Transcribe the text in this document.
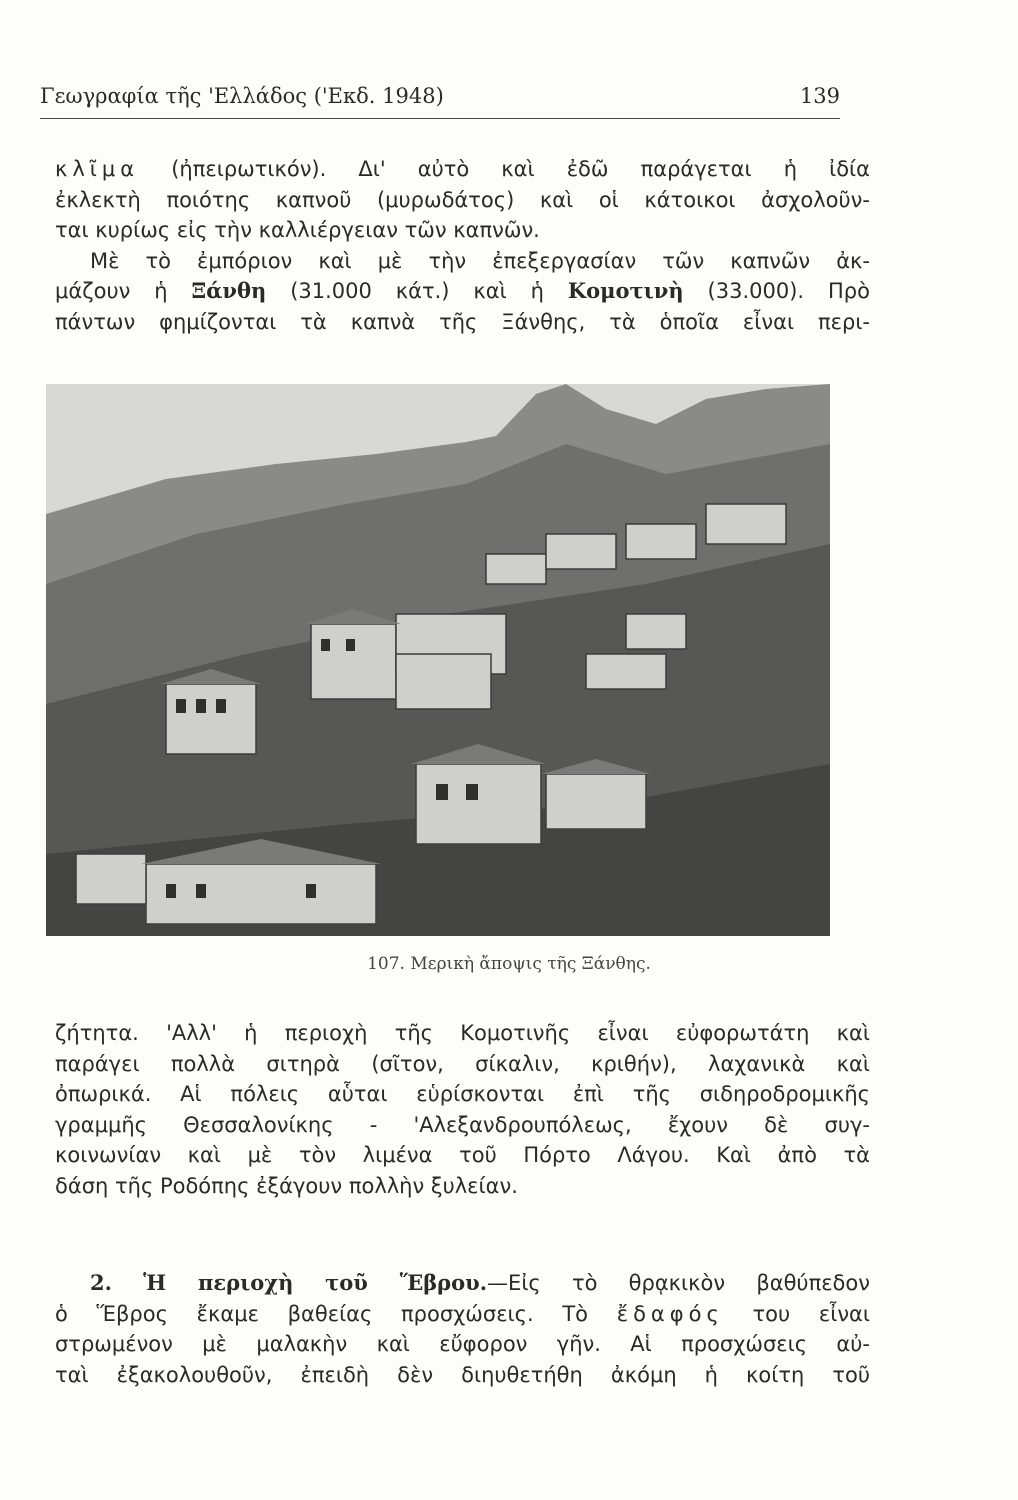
Γεωγραφία τῆς 'Ελλάδος ('Εκδ. 1948)	139

κλῖμα (ἠπειρωτικόν). Δι' αὐτὸ καὶ ἐδῶ παράγεται ἡ ἰδία

ἐκλεκτὴ ποιότης καπνοῦ (μυρωδάτος) καὶ οἱ κάτοικοι ἀσχολοῦν-

ται κυρίως εἰς τὴν καλλιέργειαν τῶν καπνῶν.

Μὲ τὸ ἐμπόριον καὶ μὲ τὴν ἐπεξεργασίαν τῶν καπνῶν ἀκ-

μάζουν ἡ Ξάνθη (31.000 κάτ.) καὶ ἡ Κομοτινὴ (33.000). Πρὸ

πάντων φημίζονται τὰ καπνὰ τῆς Ξάνθης, τὰ ὁποῖα εἶναι περι-

107. Μερικὴ ἄποψις τῆς Ξάνθης.

ζήτητα. 'Αλλ' ἡ περιοχὴ τῆς Κομοτινῆς εἶναι εὐφορωτάτη καὶ

παράγει πολλὰ σιτηρὰ (σῖτον, σίκαλιν, κριθήν), λαχανικὰ καὶ

ὀπωρικά. Αἱ πόλεις αὗται εὑρίσκονται ἐπὶ τῆς σιδηροδρομικῆς

γραμμῆς Θεσσαλονίκης - 'Αλεξανδρουπόλεως, ἔχουν δὲ συγ-

κοινωνίαν καὶ μὲ τὸν λιμένα τοῦ Πόρτο Λάγου. Καὶ ἀπὸ τὰ

δάση τῆς Ροδόπης ἐξάγουν πολλὴν ξυλείαν.

2. Ἡ περιοχὴ τοῦ Ἕβρου.—Εἰς τὸ θρᾳκικὸν βαθύπεδον

ὁ Ἕβρος ἔκαμε βαθείας προσχώσεις. Τὸ ἔδαφός του εἶναι

στρωμένον μὲ μαλακὴν καὶ εὔφορον γῆν. Αἱ προσχώσεις αὐ-

ταὶ ἐξακολουθοῦν, ἐπειδὴ δὲν διηυθετήθη ἀκόμη ἡ κοίτη τοῦ
